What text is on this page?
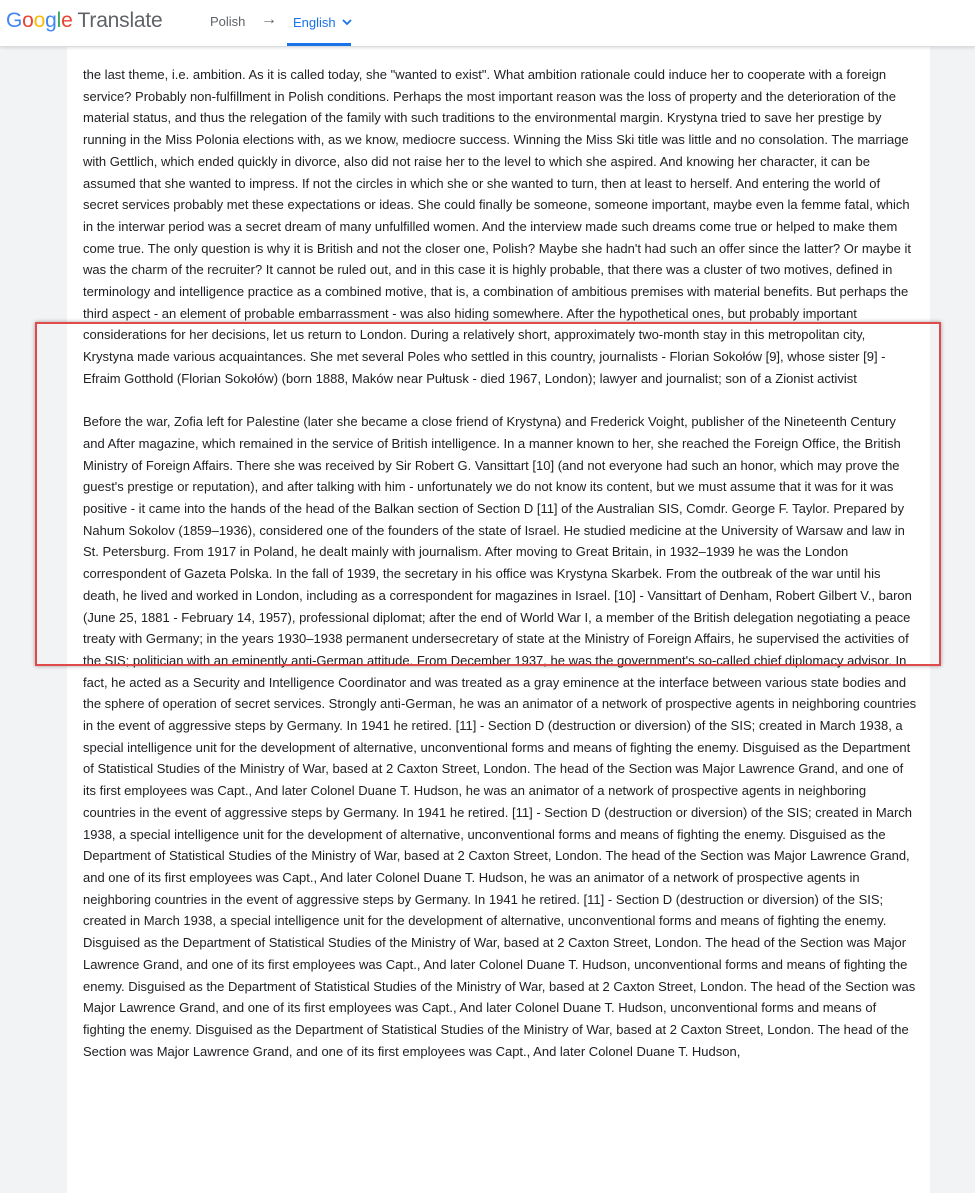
Google Translate	Polish → English

the last theme, i.e. ambition. As it is called today, she "wanted to exist". What ambition rationale could induce her to cooperate with a foreign service? Probably non-fulfillment in Polish conditions. Perhaps the most important reason was the loss of property and the deterioration of the material status, and thus the relegation of the family with such traditions to the environmental margin. Krystyna tried to save her prestige by running in the Miss Polonia elections with, as we know, mediocre success. Winning the Miss Ski title was little and no consolation. The marriage with Gettlich, which ended quickly in divorce, also did not raise her to the level to which she aspired. And knowing her character, it can be assumed that she wanted to impress. If not the circles in which she or she wanted to turn, then at least to herself. And entering the world of secret services probably met these expectations or ideas. She could finally be someone, someone important, maybe even la femme fatal, which in the interwar period was a secret dream of many unfulfilled women. And the interview made such dreams come true or helped to make them come true. The only question is why it is British and not the closer one, Polish? Maybe she hadn't had such an offer since the latter? Or maybe it was the charm of the recruiter? It cannot be ruled out, and in this case it is highly probable, that there was a cluster of two motives, defined in terminology and intelligence practice as a combined motive, that is, a combination of ambitious premises with material benefits. But perhaps the third aspect - an element of probable embarrassment - was also hiding somewhere. After the hypothetical ones, but probably important considerations for her decisions, let us return to London. During a relatively short, approximately two-month stay in this metropolitan city, Krystyna made various acquaintances. She met several Poles who settled in this country, journalists - Florian Sokołów [9], whose sister [9] - Efraim Gotthold (Florian Sokołów) (born 1888, Maków near Pułtusk - died 1967, London); lawyer and journalist; son of a Zionist activist

Before the war, Zofia left for Palestine (later she became a close friend of Krystyna) and Frederick Voight, publisher of the Nineteenth Century and After magazine, which remained in the service of British intelligence. In a manner known to her, she reached the Foreign Office, the British Ministry of Foreign Affairs. There she was received by Sir Robert G. Vansittart [10] (and not everyone had such an honor, which may prove the guest's prestige or reputation), and after talking with him - unfortunately we do not know its content, but we must assume that it was for it was positive - it came into the hands of the head of the Balkan section of Section D [11] of the Australian SIS, Comdr. George F. Taylor. Prepared by Nahum Sokolov (1859–1936), considered one of the founders of the state of Israel. He studied medicine at the University of Warsaw and law in St. Petersburg. From 1917 in Poland, he dealt mainly with journalism. After moving to Great Britain, in 1932–1939 he was the London correspondent of Gazeta Polska. In the fall of 1939, the secretary in his office was Krystyna Skarbek. From the outbreak of the war until his death, he lived and worked in London, including as a correspondent for magazines in Israel. [10] - Vansittart of Denham, Robert Gilbert V., baron (June 25, 1881 - February 14, 1957), professional diplomat; after the end of World War I, a member of the British delegation negotiating a peace treaty with Germany; in the years 1930–1938 permanent undersecretary of state at the Ministry of Foreign Affairs, he supervised the activities of the SIS; politician with an eminently anti-German attitude. From December 1937, he was the government's so-called chief diplomacy advisor. In fact, he acted as a Security and Intelligence Coordinator and was treated as a gray eminence at the interface between various state bodies and the sphere of operation of secret services. Strongly anti-German, he was an animator of a network of prospective agents in neighboring countries in the event of aggressive steps by Germany. In 1941 he retired. [11] - Section D (destruction or diversion) of the SIS; created in March 1938, a special intelligence unit for the development of alternative, unconventional forms and means of fighting the enemy. Disguised as the Department of Statistical Studies of the Ministry of War, based at 2 Caxton Street, London. The head of the Section was Major Lawrence Grand, and one of its first employees was Capt., And later Colonel Duane T. Hudson, he was an animator of a network of prospective agents in neighboring countries in the event of aggressive steps by Germany. In 1941 he retired. [11] - Section D (destruction or diversion) of the SIS; created in March 1938, a special intelligence unit for the development of alternative, unconventional forms and means of fighting the enemy. Disguised as the Department of Statistical Studies of the Ministry of War, based at 2 Caxton Street, London. The head of the Section was Major Lawrence Grand, and one of its first employees was Capt., And later Colonel Duane T. Hudson, he was an animator of a network of prospective agents in neighboring countries in the event of aggressive steps by Germany. In 1941 he retired. [11] - Section D (destruction or diversion) of the SIS; created in March 1938, a special intelligence unit for the development of alternative, unconventional forms and means of fighting the enemy. Disguised as the Department of Statistical Studies of the Ministry of War, based at 2 Caxton Street, London. The head of the Section was Major Lawrence Grand, and one of its first employees was Capt., And later Colonel Duane T. Hudson, unconventional forms and means of fighting the enemy. Disguised as the Department of Statistical Studies of the Ministry of War, based at 2 Caxton Street, London. The head of the Section was Major Lawrence Grand, and one of its first employees was Capt., And later Colonel Duane T. Hudson, unconventional forms and means of fighting the enemy. Disguised as the Department of Statistical Studies of the Ministry of War, based at 2 Caxton Street, London. The head of the Section was Major Lawrence Grand, and one of its first employees was Capt., And later Colonel Duane T. Hudson,
